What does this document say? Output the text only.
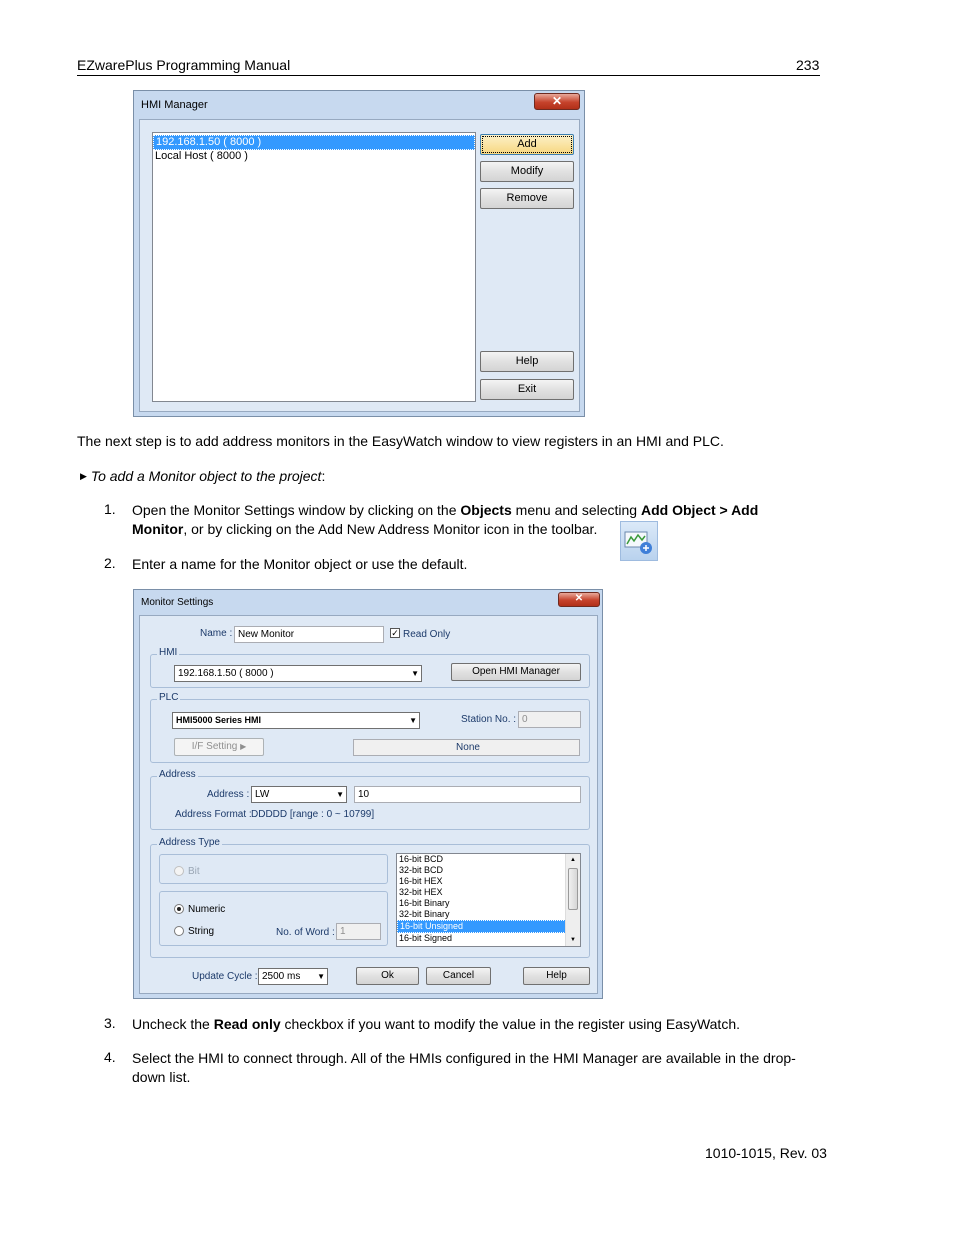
EZwarePlus Programming Manual	233
HMI Manager	✕
192.168.1.50 ( 8000 )
Local Host ( 8000 )
Add
Modify
Remove
Help
Exit
The next step is to add address monitors in the EasyWatch window to view registers in an HMI and PLC.
▶ To add a Monitor object to the project:
1. Open the Monitor Settings window by clicking on the Objects menu and selecting Add Object > Add
Monitor, or by clicking on the Add New Address Monitor icon in the toolbar.
2. Enter a name for the Monitor object or use the default.
Monitor Settings	✕
Name : New Monitor	✓ Read Only
HMI
192.168.1.50 ( 8000 )	▼	Open HMI Manager
PLC
HMI5000 Series HMI	▼	Station No. : 0
I/F Setting ▶	None
Address
Address : LW	▼	10
Address Format : DDDDD [range : 0 ~ 10799]
Address Type
Bit
Numeric
String	No. of Word : 1
16-bit BCD
32-bit BCD
16-bit HEX
32-bit HEX
16-bit Binary
32-bit Binary
16-bit Unsigned
16-bit Signed
▲
▼
Update Cycle : 2500 ms ▼	Ok	Cancel	Help
3. Uncheck the Read only checkbox if you want to modify the value in the register using EasyWatch.
4. Select the HMI to connect through. All of the HMIs configured in the HMI Manager are available in the drop-
down list.
1010-1015, Rev. 03
